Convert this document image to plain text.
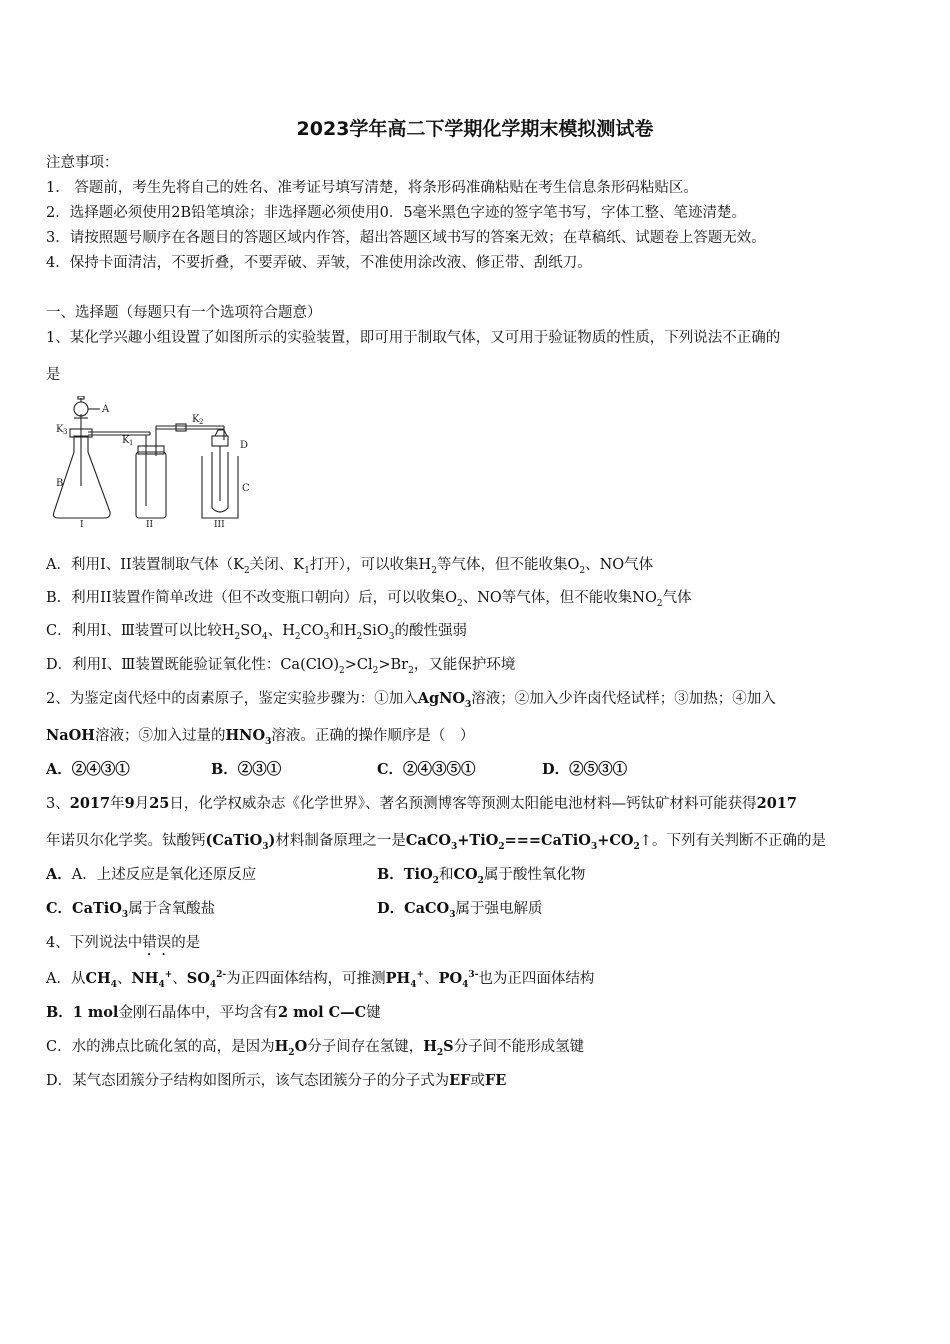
2023学年高二下学期化学期末模拟测试卷
注意事项：
1.　答题前，考生先将自己的姓名、准考证号填写清楚，将条形码准确粘贴在考生信息条形码粘贴区。
2．选择题必须使用2B铅笔填涂；非选择题必须使用0．5毫米黑色字迹的签字笔书写，字体工整、笔迹清楚。
3．请按照题号顺序在各题目的答题区域内作答，超出答题区域书写的答案无效；在草稿纸、试题卷上答题无效。
4．保持卡面清洁，不要折叠，不要弄破、弄皱，不准使用涂改液、修正带、刮纸刀。
一、选择题（每题只有一个选项符合题意）
1、某化学兴趣小组设置了如图所示的实验装置，即可用于制取气体，又可用于验证物质的性质，下列说法不正确的
是
A
K 3
B
K 1
K 2
D
C
I	II	III
A．利用Ⅰ、II装置制取气体（$K_2$关闭、$K_1$打开），可以收集$H_2$等气体，但不能收集$O_2$、NO气体
B．利用II装置作简单改进（但不改变瓶口朝向）后，可以收集$O_2$、NO等气体，但不能收集$NO_2$气体
C．利用Ⅰ、Ⅲ装置可以比较$H_2SO_4$、$H_2CO_3$和$H_2SiO_3$的酸性强弱
D．利用Ⅰ、Ⅲ装置既能验证氧化性：$Ca(ClO)_2>Cl_2>Br_2$，又能保护环境
2、为鉴定卤代烃中的卤素原子，鉴定实验步骤为：①加入AgNO$_3$溶液；②加入少许卤代烃试样；③加热；④加入
NaOH溶液；⑤加入过量的$HNO_3$溶液。正确的操作顺序是（　）
A．②④③①	B．②③①	C．②④③⑤①	D．②⑤③①
3、2017年9月25日，化学权威杂志《化学世界》、著名预测博客等预测太阳能电池材料—钙钛矿材料可能获得2017
年诺贝尔化学奖。钛酸钙(CaTiO$_3$)材料制备原理之一是$CaCO_3+TiO_2===CaTiO_3+CO_2↑$。下列有关判断不正确的是
A．A．上述反应是氧化还原反应	B．TiO$_2$和$CO_2$属于酸性氧化物
C．CaTiO$_3$属于含氧酸盐	D．CaCO$_3$属于强电解质
4、下列说法中错误的是
A．从$CH_4$、$NH_4^+$、$SO_4^{2-}$为正四面体结构，可推测$PH_4^+$、$PO_4^{3-}$也为正四面体结构
B．1 mol金刚石晶体中，平均含有2 mol C—C键
C．水的沸点比硫化氢的高，是因为$H_2O$分子间存在氢键，$H_2S$分子间不能形成氢键
D．某气态团簇分子结构如图所示，该气态团簇分子的分子式为EF或FE
